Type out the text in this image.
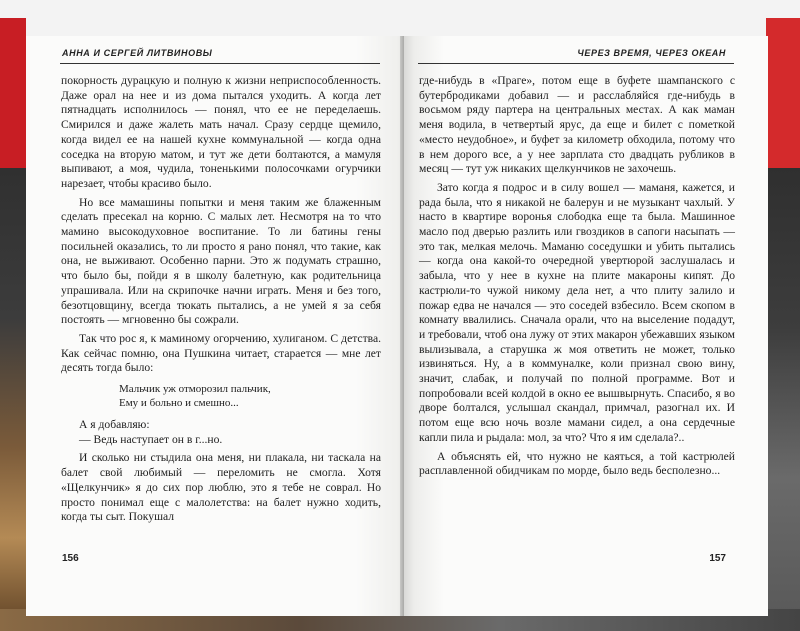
АННА И СЕРГЕЙ ЛИТВИНОВЫ

покорность дурацкую и полную к жизни неприспособленность. Даже орал на нее и из дома пытался уходить. А когда лет пятнадцать исполнилось — понял, что ее не переделаешь. Смирился и даже жалеть мать начал. Сразу сердце щемило, когда видел ее на нашей кухне коммунальной — когда одна соседка на вторую матом, и тут же дети болтаются, а мамуля выпивают, а моя, чудила, тоненькими полосочками огурчики нарезает, чтобы красиво было.

Но все мамашины попытки и меня таким же блаженным сделать пресекал на корню. С малых лет. Несмотря на то что мамино высокодуховное воспитание. То ли батины гены посильней оказались, то ли просто я рано понял, что такие, как она, не выживают. Особенно парни. Это ж подумать страшно, что было бы, пойди я в школу балетную, как родительница упрашивала. Или на скрипочке начни играть. Меня и без того, безотцовщину, всегда тюкать пытались, а не умей я за себя постоять — мгновенно бы сожрали.

Так что рос я, к маминому огорчению, хулиганом. С детства. Как сейчас помню, она Пушкина читает, старается — мне лет десять тогда было:

Мальчик уж отморозил пальчик,
Ему и больно и смешно...

А я добавляю:

— Ведь наступает он в г...но.

И сколько ни стыдила она меня, ни плакала, ни таскала на балет свой любимый — переломить не смогла. Хотя «Щелкунчик» я до сих пор люблю, это я тебе не соврал. Но просто понимал еще с малолетства: на балет нужно ходить, когда ты сыт. Покушал

156
ЧЕРЕЗ ВРЕМЯ, ЧЕРЕЗ ОКЕАН

где-нибудь в «Праге», потом еще в буфете шампанского с бутербродиками добавил — и расслабляйся где-нибудь в восьмом ряду партера на центральных местах. А как маман меня водила, в четвертый ярус, да еще и билет с пометкой «место неудобное», и буфет за километр обходила, потому что в нем дорого все, а у нее зарплата сто двадцать рубликов в месяц — тут уж никаких щелкунчиков не захочешь.

Зато когда я подрос и в силу вошел — маманя, кажется, и рада была, что я никакой не балерун и не музыкант чахлый. У насто в квартире воронья слободка еще та была. Машинное масло под дверью разлить или гвоздиков в сапоги насыпать — это так, мелкая мелочь. Маманю соседушки и убить пытались — когда она какой-то очередной увертюрой заслушалась и забыла, что у нее в кухне на плите макароны кипят. До кастрюли-то чужой никому дела нет, а что плиту залило и пожар едва не начался — это соседей взбесило. Всем скопом в комнату ввалились. Сначала орали, что на выселение подадут, и требовали, чтоб она лужу от этих макарон убежавших языком вылизывала, а старушка ж моя ответить не может, только извиняться. Ну, а в коммуналке, коли признал свою вину, значит, слабак, и получай по полной программе. Вот и попробовали всей колдой в окно ее вышвырнуть. Спасибо, я во дворе болтался, услышал скандал, примчал, разогнал их. И потом еще всю ночь возле мамани сидел, а она сердечные капли пила и рыдала: мол, за что? Что я им сделала?..

А объяснять ей, что нужно не каяться, а той кастрюлей расплавленной обидчикам по морде, было ведь бесполезно...

157
